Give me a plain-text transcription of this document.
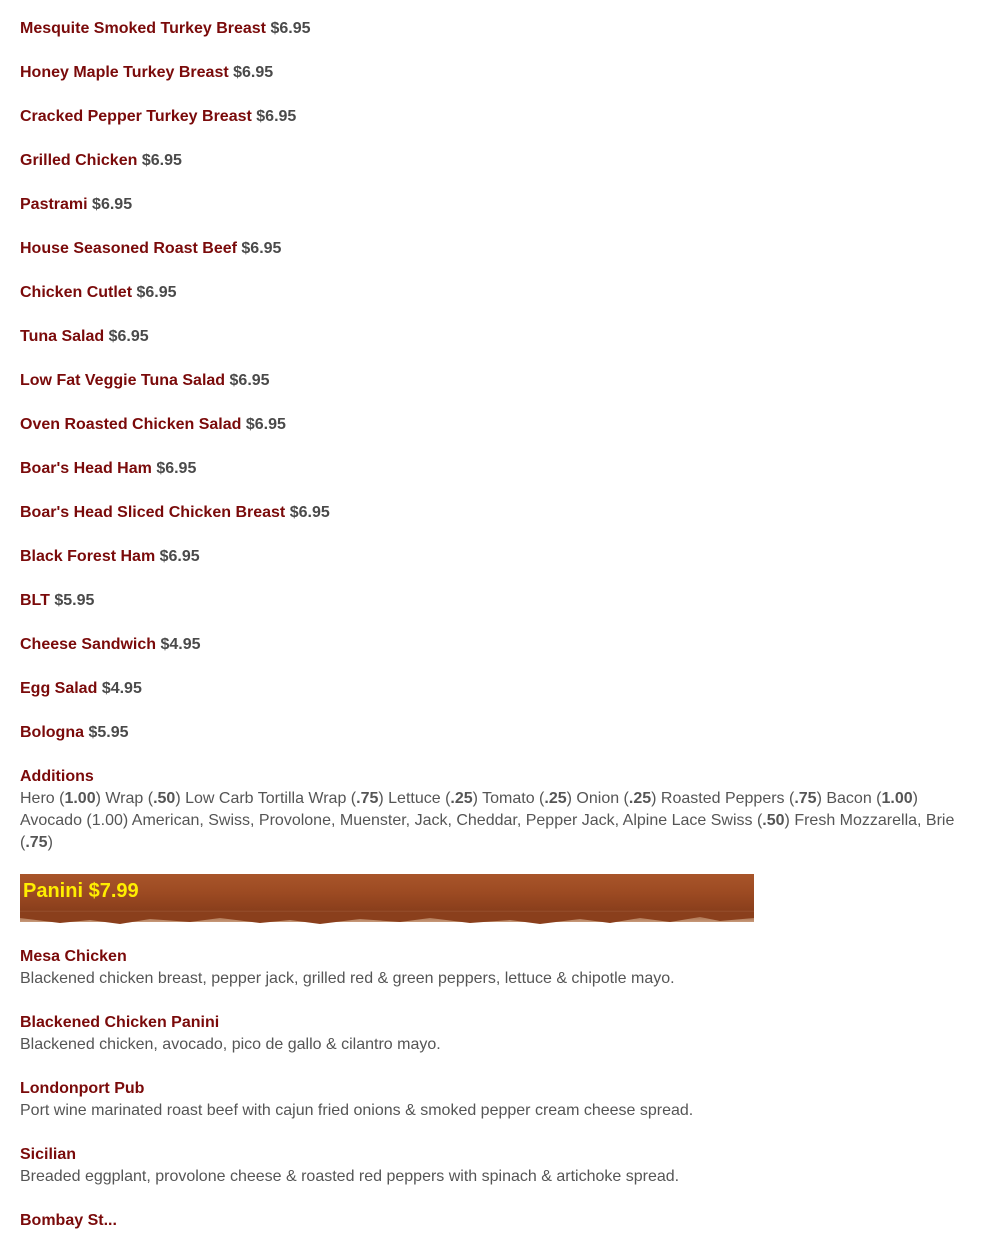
Mesquite Smoked Turkey Breast $6.95
Honey Maple Turkey Breast $6.95
Cracked Pepper Turkey Breast $6.95
Grilled Chicken $6.95
Pastrami $6.95
House Seasoned Roast Beef $6.95
Chicken Cutlet $6.95
Tuna Salad $6.95
Low Fat Veggie Tuna Salad $6.95
Oven Roasted Chicken Salad $6.95
Boar's Head Ham $6.95
Boar's Head Sliced Chicken Breast $6.95
Black Forest Ham $6.95
BLT $5.95
Cheese Sandwich $4.95
Egg Salad $4.95
Bologna $5.95
Additions
Hero (1.00) Wrap (.50) Low Carb Tortilla Wrap (.75) Lettuce (.25) Tomato (.25) Onion (.25) Roasted Peppers (.75) Bacon (1.00) Avocado (1.00) American, Swiss, Provolone, Muenster, Jack, Cheddar, Pepper Jack, Alpine Lace Swiss (.50) Fresh Mozzarella, Brie (.75)
Panini $7.99
Mesa Chicken
Blackened chicken breast, pepper jack, grilled red & green peppers, lettuce & chipotle mayo.
Blackened Chicken Panini
Blackened chicken, avocado, pico de gallo & cilantro mayo.
Londonport Pub
Port wine marinated roast beef with cajun fried onions & smoked pepper cream cheese spread.
Sicilian
Breaded eggplant, provolone cheese & roasted red peppers with spinach & artichoke spread.
Bombay St...
